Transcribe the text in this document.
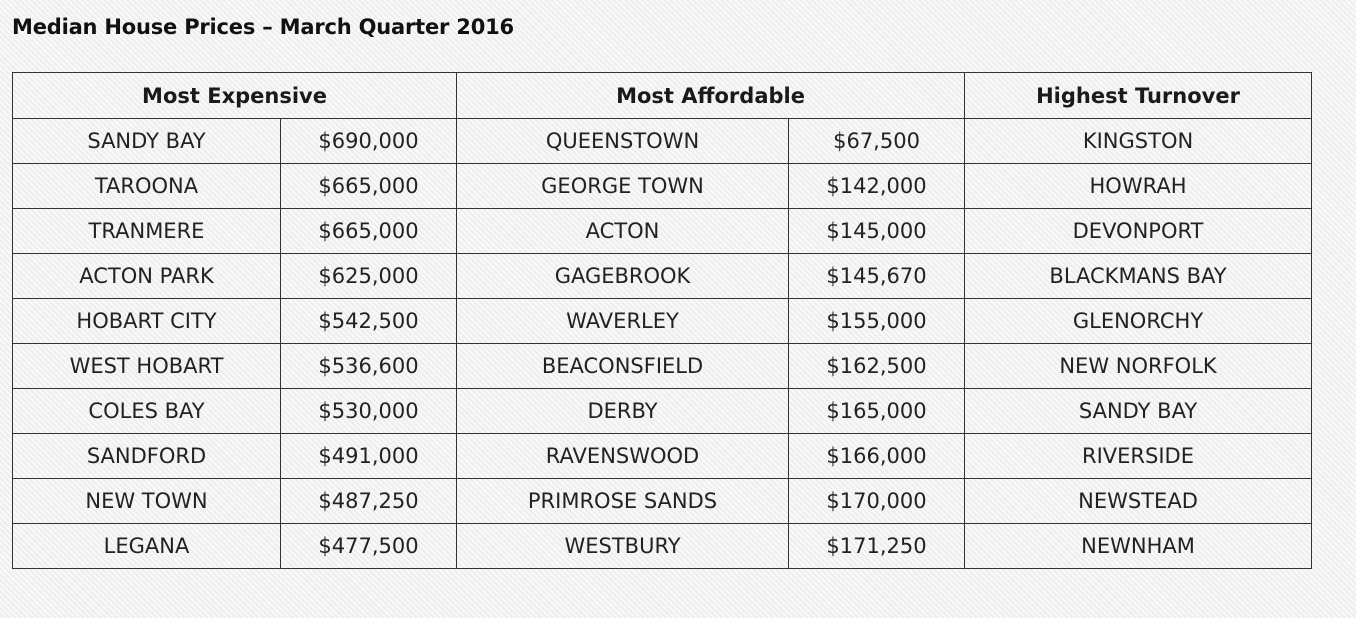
Median House Prices – March Quarter 2016
Most Expensive		Most Affordable		Highest Turnover
SANDY BAY	$690,000	QUEENSTOWN	$67,500	KINGSTON
TAROONA	$665,000	GEORGE TOWN	$142,000	HOWRAH
TRANMERE	$665,000	ACTON	$145,000	DEVONPORT
ACTON PARK	$625,000	GAGEBROOK	$145,670	BLACKMANS BAY
HOBART CITY	$542,500	WAVERLEY	$155,000	GLENORCHY
WEST HOBART	$536,600	BEACONSFIELD	$162,500	NEW NORFOLK
COLES BAY	$530,000	DERBY	$165,000	SANDY BAY
SANDFORD	$491,000	RAVENSWOOD	$166,000	RIVERSIDE
NEW TOWN	$487,250	PRIMROSE SANDS	$170,000	NEWSTEAD
LEGANA	$477,500	WESTBURY	$171,250	NEWNHAM
